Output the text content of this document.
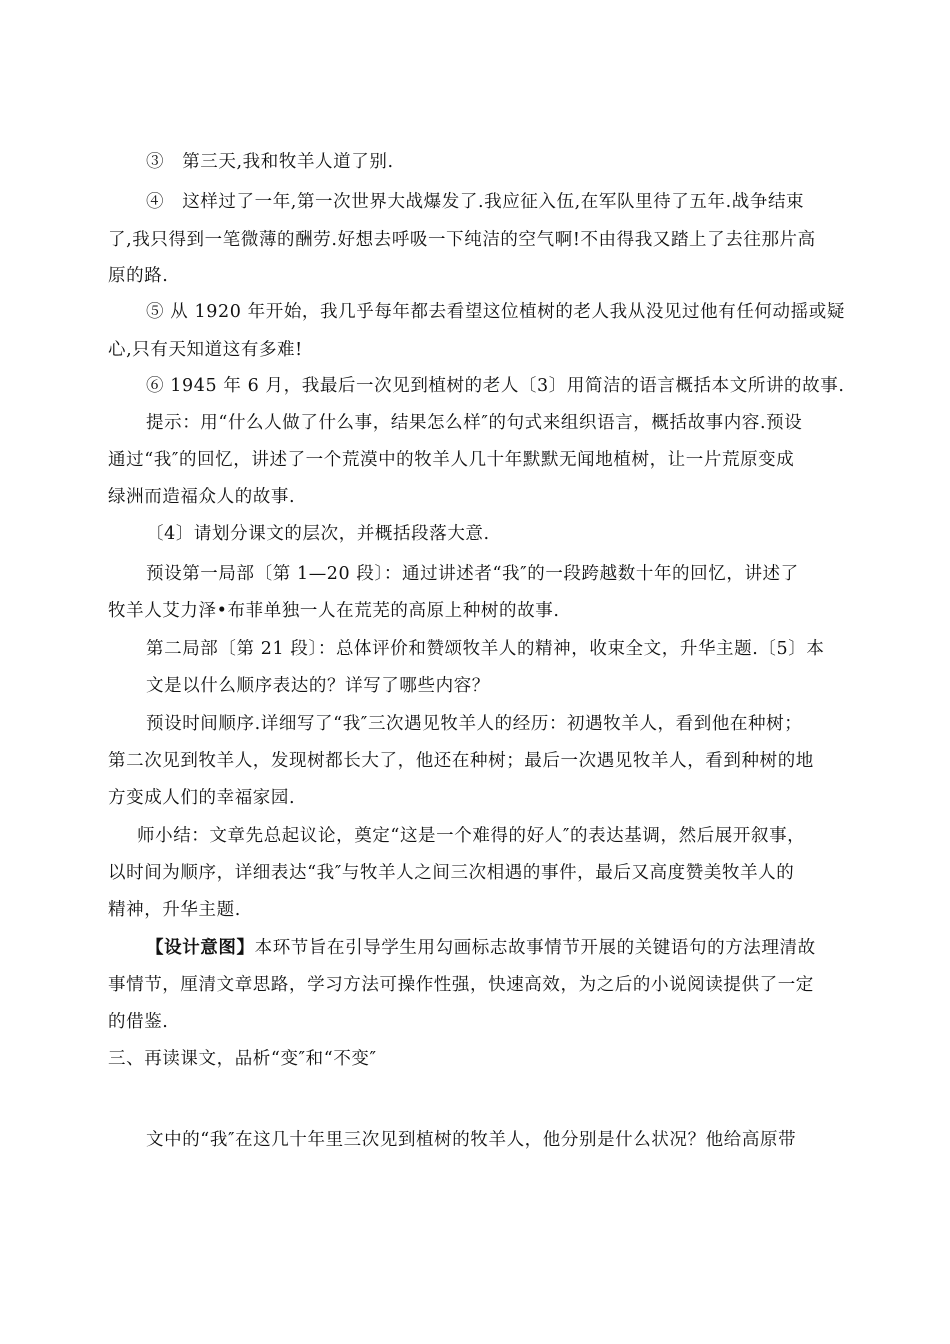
③　第三天,我和牧羊人道了别.
④　这样过了一年,第一次世界大战爆发了.我应征入伍,在军队里待了五年.战争结束
了,我只得到一笔微薄的酬劳.好想去呼吸一下纯洁的空气啊!不由得我又踏上了去往那片高
原的路.
⑤ 从 1920 年开始，我几乎每年都去看望这位植树的老人我从没见过他有任何动摇或疑
心,只有天知道这有多难!
⑥ 1945 年 6 月，我最后一次见到植树的老人〔3〕用简洁的语言概括本文所讲的故事.
提示：用“什么人做了什么事，结果怎么样″的句式来组织语言，概括故事内容.预设
通过“我″的回忆，讲述了一个荒漠中的牧羊人几十年默默无闻地植树，让一片荒原变成
绿洲而造福众人的故事.
〔4〕请划分课文的层次，并概括段落大意.
预设第一局部〔第 1—20 段〕：通过讲述者“我″的一段跨越数十年的回忆，讲述了
牧羊人艾力泽•布菲单独一人在荒芜的高原上种树的故事.
第二局部〔第 21 段〕：总体评价和赞颂牧羊人的精神，收束全文，升华主题.〔5〕本
文是以什么顺序表达的？详写了哪些内容？
预设时间顺序.详细写了“我″三次遇见牧羊人的经历：初遇牧羊人，看到他在种树；
第二次见到牧羊人，发现树都长大了，他还在种树；最后一次遇见牧羊人，看到种树的地
方变成人们的幸福家园.
师小结：文章先总起议论，奠定“这是一个难得的好人″的表达基调，然后展开叙事，
以时间为顺序，详细表达“我″与牧羊人之间三次相遇的事件，最后又高度赞美牧羊人的
精神，升华主题.
【设计意图】本环节旨在引导学生用勾画标志故事情节开展的关键语句的方法理清故
事情节，厘清文章思路，学习方法可操作性强，快速高效，为之后的小说阅读提供了一定
的借鉴.
三、再读课文，品析“变″和“不变″
文中的“我″在这几十年里三次见到植树的牧羊人，他分别是什么状况？他给高原带
